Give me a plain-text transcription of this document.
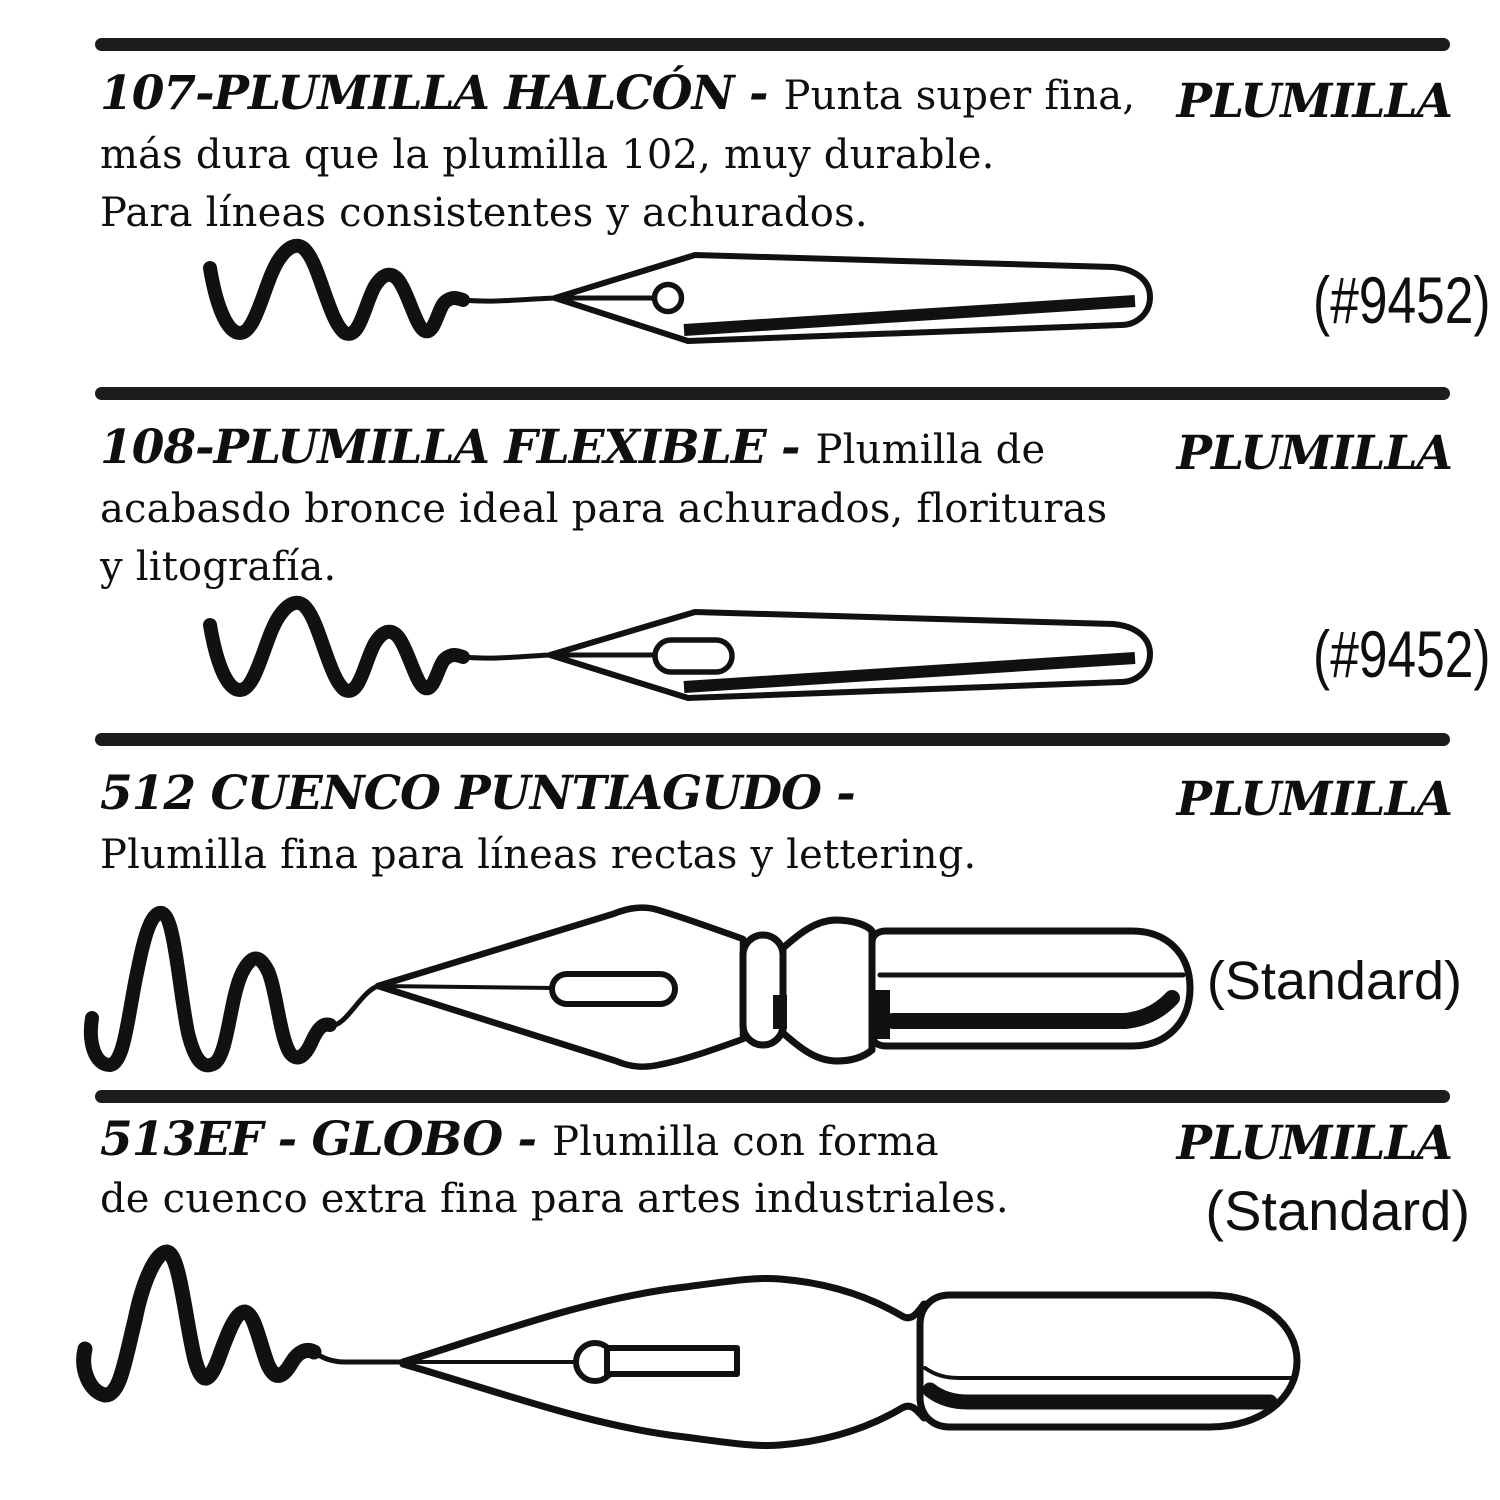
107-PLUMILLA HALCÓN - Punta super fina,
más dura que la plumilla 102, muy durable.
Para líneas consistentes y achurados.
PLUMILLA
(#9452)
108-PLUMILLA FLEXIBLE - Plumilla de
acabasdo bronce ideal para achurados, florituras
y litografía.
PLUMILLA
(#9452)
512 CUENCO PUNTIAGUDO -
Plumilla fina para líneas rectas y lettering.
PLUMILLA
(Standard)
513EF - GLOBO - Plumilla con forma
de cuenco extra fina para artes industriales.
PLUMILLA
(Standard)
